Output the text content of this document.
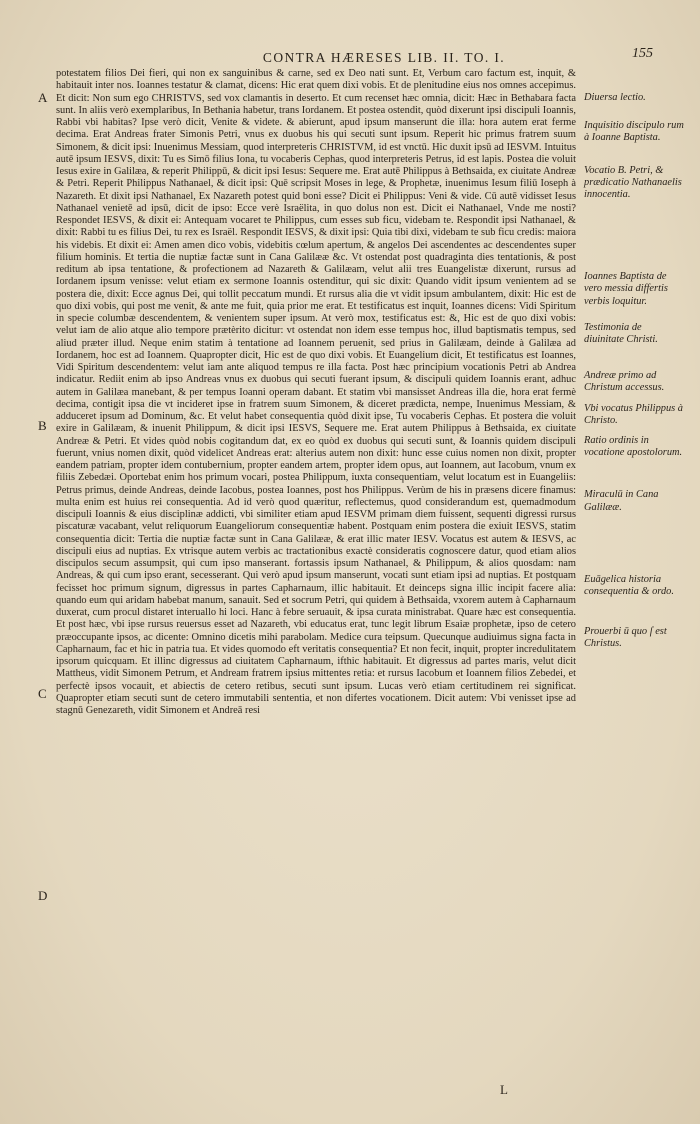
CONTRA HÆRESES LIB. II. TO. I.	155
A
B
C
D

potestatem filios Dei fieri, qui non ex sanguinibus & carne, sed ex Deo nati sunt. Et, Verbum caro factum est, inquit, & habitauit inter nos. Ioannes testatur & clamat, dicens: Hic erat quem dixi vobis. Et de plenitudine eius nos omnes accepimus. Et dicit: Non sum ego CHRISTVS, sed vox clamantis in deserto. Et cum recenset hæc omnia, dicit: Hæc in Bethabara facta sunt. In aliis verò exemplaribus, In Bethania habetur, trans Iordanem. Et postea ostendit, quòd dixerunt ipsi discipuli Ioannis, Rabbi vbi habitas? Ipse verò dicit, Venite & videte. & abierunt, apud ipsum manserunt die illa: hora autem erat ferme decima. Erat Andreas frater Simonis Petri, vnus ex duobus his qui secuti sunt ipsum. Reperit hic primus fratrem suum Simonem, & dicit ipsi: Inuenimus Messiam, quod interpreteris CHRISTVM, id est vnctū. Hic duxit ipsū ad IESVM. Intuitus autē ipsum IESVS, dixit: Tu es Simō filius Iona, tu vocaberis Cephas, quod interpreteris Petrus, id est lapis. Postea die voluit Iesus exire in Galilæa, & reperit Philippū, & dicit ipsi Iesus: Sequere me. Erat autē Philippus à Bethsaida, ex ciuitate Andreæ & Petri. Reperit Philippus Nathanael, & dicit ipsi: Quē scripsit Moses in lege, & Prophetæ, inuenimus Iesum filiū Ioseph à Nazareth. Et dixit ipsi Nathanael, Ex Nazareth potest quid boni esse? Dicit ei Philippus: Veni & vide. Cū autē vidisset Iesus Nathanael venietē ad ipsū, dicit de ipso: Ecce verè Israëlita, in quo dolus non est. Dicit ei Nathanael, Vnde me nosti? Respondet IESVS, & dixit ei: Antequam vocaret te Philippus, cum esses sub ficu, videbam te. Respondit ipsi Nathanael, & dixit: Rabbi tu es filius Dei, tu rex es Israël. Respondit IESVS, & dixit ipsi: Quia tibi dixi, videbam te sub ficu credis: maiora his videbis. Et dixit ei: Amen amen dico vobis, videbitis cœlum apertum, & angelos Dei ascendentes ac descendentes super filium hominis. Et tertia die nuptiæ factæ sunt in Cana Galilææ &c. Vt ostendat post quadraginta dies tentationis, & post reditum ab ipsa tentatione, & profectionem ad Nazareth & Galilæam, velut alii tres Euangelistæ dixerunt, rursus ad Iordanem ipsum venisse: velut etiam ex sermone Ioannis ostenditur, qui sic dixit: Quando vidit ipsum venientem ad se postera die, dixit: Ecce agnus Dei, qui tollit peccatum mundi. Et rursus alia die vt vidit ipsum ambulantem, dixit: Hic est de quo dixi vobis, qui post me venit, & ante me fuit, quia prior me erat. Et testificatus est inquit, Ioannes dicens: Vidi Spiritum in specie columbæ descendentem, & venientem super ipsum. At verò mox, testificatus est: &, Hic est de quo dixi vobis: velut iam de alio atque alio tempore prætèrito dicitur: vt ostendat non idem esse tempus hoc, illud baptismatis tempus, sed aliud præter illud. Neque enim statim à tentatione ad Ioannem peruenit, sed prius in Galilæam, deinde à Galilæa ad Iordanem, hoc est ad Ioannem. Quapropter dicit, Hic est de quo dixi vobis. Et Euangelium dicit, Et testificatus est Ioannes, Vidi Spiritum descendentem: velut iam ante aliquod tempus re illa facta. Post hæc principium vocationis Petri ab Andrea indicatur. Rediit enim ab ipso Andreas vnus ex duobus qui secuti fuerant ipsum, & discipuli quidem Ioannis erant, adhuc autem in Galilæa manebant, & per tempus Ioanni operam dabant. Et statim vbi mansisset Andreas illa die, hora erat fermè decima, contigit ipsa die vt incideret ipse in fratrem suum Simonem, & diceret prædicta, nempe, Inuenimus Messiam, & adduceret ipsum ad Dominum, &c. Et velut habet consequentia quòd dixit ipse, Tu vocaberis Cephas. Et postera die voluit exire in Galilæam, & inuenit Philippum, & dicit ipsi IESVS, Sequere me. Erat autem Philippus à Bethsaida, ex ciuitate Andreæ & Petri. Et vides quòd nobis cogitandum dat, ex eo quòd ex duobus qui secuti sunt, & Ioannis quidem discipuli fuerunt, vnius nomen dixit, quòd videlicet Andreas erat: alterius autem non dixit: hunc esse cuius nomen non dixit, propter eandem patriam, propter idem contubernium, propter eandem artem, propter idem opus, aut Ioannem, aut Iacobum, vnum ex filiis Zebedæi. Oportebat enim hos primum vocari, postea Philippum, iuxta consequentiam, velut locatum est in Euangeliis: Petrus primus, deinde Andreas, deinde Iacobus, postea Ioannes, post hos Philippus. Verùm de his in præsens dicere finamus: multa enim est huius rei consequentia. Ad id verò quod quæritur, reflectemus, quod considerandum est, quemadmodum discipuli Ioannis & eius disciplinæ addicti, vbi similiter etiam apud IESVM primam diem fuissent, sequenti digressi rursus piscaturæ vacabant, velut reliquorum Euangeliorum consequentiæ habent. Postquam enim postera die exiuit IESVS, statim consequentia dicit: Tertia die nuptiæ factæ sunt in Cana Galilææ, & erat illic mater IESV. Vocatus est autem & IESVS, ac discipuli eius ad nuptias. Ex vtrisque autem verbis ac tractationibus exactè consideratis cognoscere datur, quod etiam alios discipulos secum assumpsit, qui cum ipso manserant. fortassis ipsum Nathanael, & Philippum, & alios quosdam: nam Andreas, & qui cum ipso erant, secesserant. Qui verò apud ipsum manserunt, vocati sunt etiam ipsi ad nuptias. Et postquam fecisset hoc primum signum, digressus in partes Capharnaum, illic habitauit. Et deinceps signa illic incipit facere alia: quando eum qui aridam habebat manum, sanauit. Sed et socrum Petri, qui quidem à Bethsaida, vxorem autem à Capharnaum duxerat, cum procul distaret interuallo hi loci. Hanc à febre seruauit, & ipsa curata ministrabat. Quare hæc est consequentia. Et post hæc, vbi ipse rursus reuersus esset ad Nazareth, vbi educatus erat, tunc legit librum Esaiæ prophetæ, ipso de cetero præoccupante ipsos, ac dicente: Omnino dicetis mihi parabolam. Medice cura teipsum. Quecunque audiuimus signa facta in Capharnaum, fac et hic in patria tua. Et vides quomodo eft veritatis consequentia? Et non fecit, inquit, propter incredulitatem ipsorum quicquam. Et illinc digressus ad ciuitatem Capharnaum, ifthic habitauit. Et digressus ad partes maris, velut dicit Mattheus, vidit Simonem Petrum, et Andream fratrem ipsius mittentes retia: et rursus Iacobum et Ioannem filios Zebedei, et perfectè ipsos vocauit, et abiectis de cetero retibus, secuti sunt ipsum. Lucas verò etiam certitudinem rei significat. Quapropter etiam secuti sunt de cetero immutabili sententia, et non difertes vocationem. Dicit autem: Vbi venisset ipse ad stagnū Genezareth, vidit Simonem et Andreā resi

Diuersa lectio.

Inquisitio discipulo rum à Ioanne Baptista.

Vocatio B. Petri, & prædicatio Nathanaelis innocentia.

Ioannes Baptista de vero messia differtis verbis loquitur.

Testimonia de diuinitate Christi.

Andreæ primo ad Christum accessus.

Vbi vocatus Philippus à Christo.

Ratio ordinis in vocatione apostolorum.

Miraculū in Cana Galilææ.

Euāgelica historia consequentia & ordo.

Prouerbi ū quo ſ est Christus.

L
